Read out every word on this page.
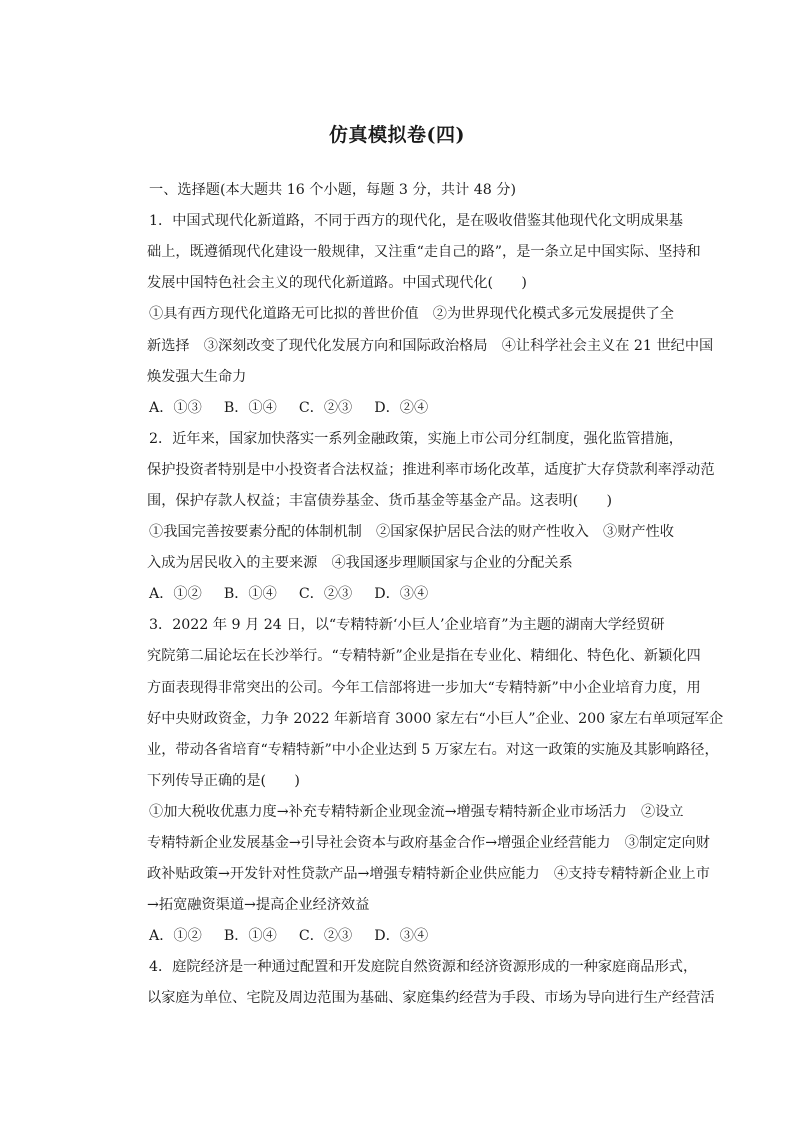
仿真模拟卷(四)
一、选择题(本大题共 16 个小题，每题 3 分，共计 48 分)
1．中国式现代化新道路，不同于西方的现代化，是在吸收借鉴其他现代化文明成果基
础上，既遵循现代化建设一般规律，又注重“走自己的路”，是一条立足中国实际、坚持和
发展中国特色社会主义的现代化新道路。中国式现代化(　　)
①具有西方现代化道路无可比拟的普世价值　②为世界现代化模式多元发展提供了全
新选择　③深刻改变了现代化发展方向和国际政治格局　④让科学社会主义在 21 世纪中国
焕发强大生命力
A．①③ B．①④ C．②③ D．②④
2．近年来，国家加快落实一系列金融政策，实施上市公司分红制度，强化监管措施，
保护投资者特别是中小投资者合法权益；推进利率市场化改革，适度扩大存贷款利率浮动范
围，保护存款人权益；丰富债券基金、货币基金等基金产品。这表明(　　)
①我国完善按要素分配的体制机制　②国家保护居民合法的财产性收入　③财产性收
入成为居民收入的主要来源　④我国逐步理顺国家与企业的分配关系
A．①② B．①④ C．②③ D．③④
3．2022 年 9 月 24 日，以“专精特新‘小巨人’企业培育”为主题的湖南大学经贸研
究院第二届论坛在长沙举行。“专精特新”企业是指在专业化、精细化、特色化、新颖化四
方面表现得非常突出的公司。今年工信部将进一步加大“专精特新”中小企业培育力度，用
好中央财政资金，力争 2022 年新培育 3000 家左右“小巨人”企业、200 家左右单项冠军企
业，带动各省培育“专精特新”中小企业达到 5 万家左右。对这一政策的实施及其影响路径，
下列传导正确的是(　　)
①加大税收优惠力度→补充专精特新企业现金流→增强专精特新企业市场活力　②设立
专精特新企业发展基金→引导社会资本与政府基金合作→增强企业经营能力　③制定定向财
政补贴政策→开发针对性贷款产品→增强专精特新企业供应能力　④支持专精特新企业上市
→拓宽融资渠道→提高企业经济效益
A．①② B．①④ C．②③ D．③④
4．庭院经济是一种通过配置和开发庭院自然资源和经济资源形成的一种家庭商品形式，
以家庭为单位、宅院及周边范围为基础、家庭集约经营为手段、市场为导向进行生产经营活
